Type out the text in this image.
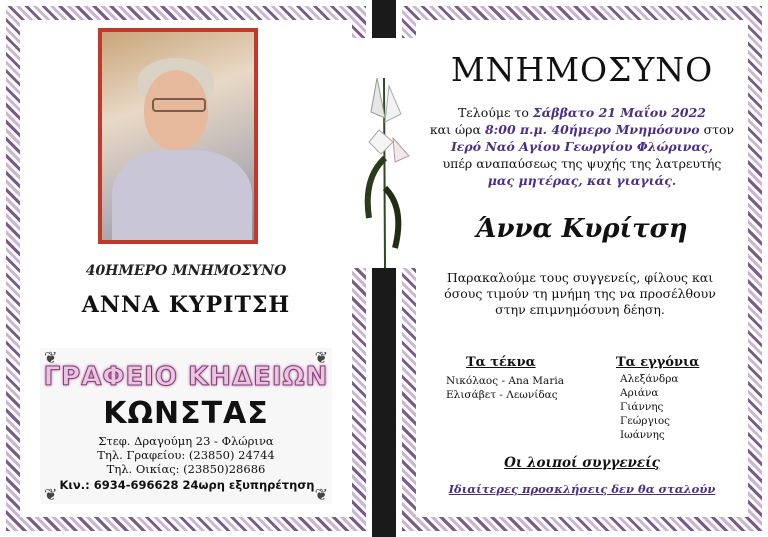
40ΗΜΕΡΟ ΜΝΗΜΟΣΥΝΟ
ΑΝΝΑ ΚΥΡΙΤΣΗ
❦	❦
❦	❦
ΓΡΑΦΕΙΟ ΚΗΔΕΙΩΝ
ΚΩΝΣΤΑΣ
Στεφ. Δραγούμη 23 - Φλώρινα
Τηλ. Γραφείου: (23850) 24744
Τηλ. Οικίας: (23850)28686
Κιν.: 6934-696628 24ωρη εξυπηρέτηση
ΜΝΗΜΟΣΥΝΟ
Τελούμε το Σάββατο 21 Μαΐου 2022
και ώρα 8:00 π.μ. 40ήμερο Μνημόσυνο στον
Ιερό Ναό Αγίου Γεωργίου Φλώρινας,
υπέρ αναπαύσεως της ψυχής της λατρευτής
μας μητέρας, και γιαγιάς.
Άννα Κυρίτση
Παρακαλούμε τους συγγενείς, φίλους και όσους τιμούν τη μνήμη της να προσέλθουν στην επιμνημόσυνη δέηση.
Τα τέκνα
Νικόλαος - Ana Maria
Ελισάβετ - Λεωνίδας
Τα εγγόνια
Αλεξάνδρα
Αριάνα
Γιάννης
Γεώργιος
Ιωάννης
Οι λοιποί συγγενείς
Ιδιαίτερες προσκλήσεις δεν θα σταλούν
